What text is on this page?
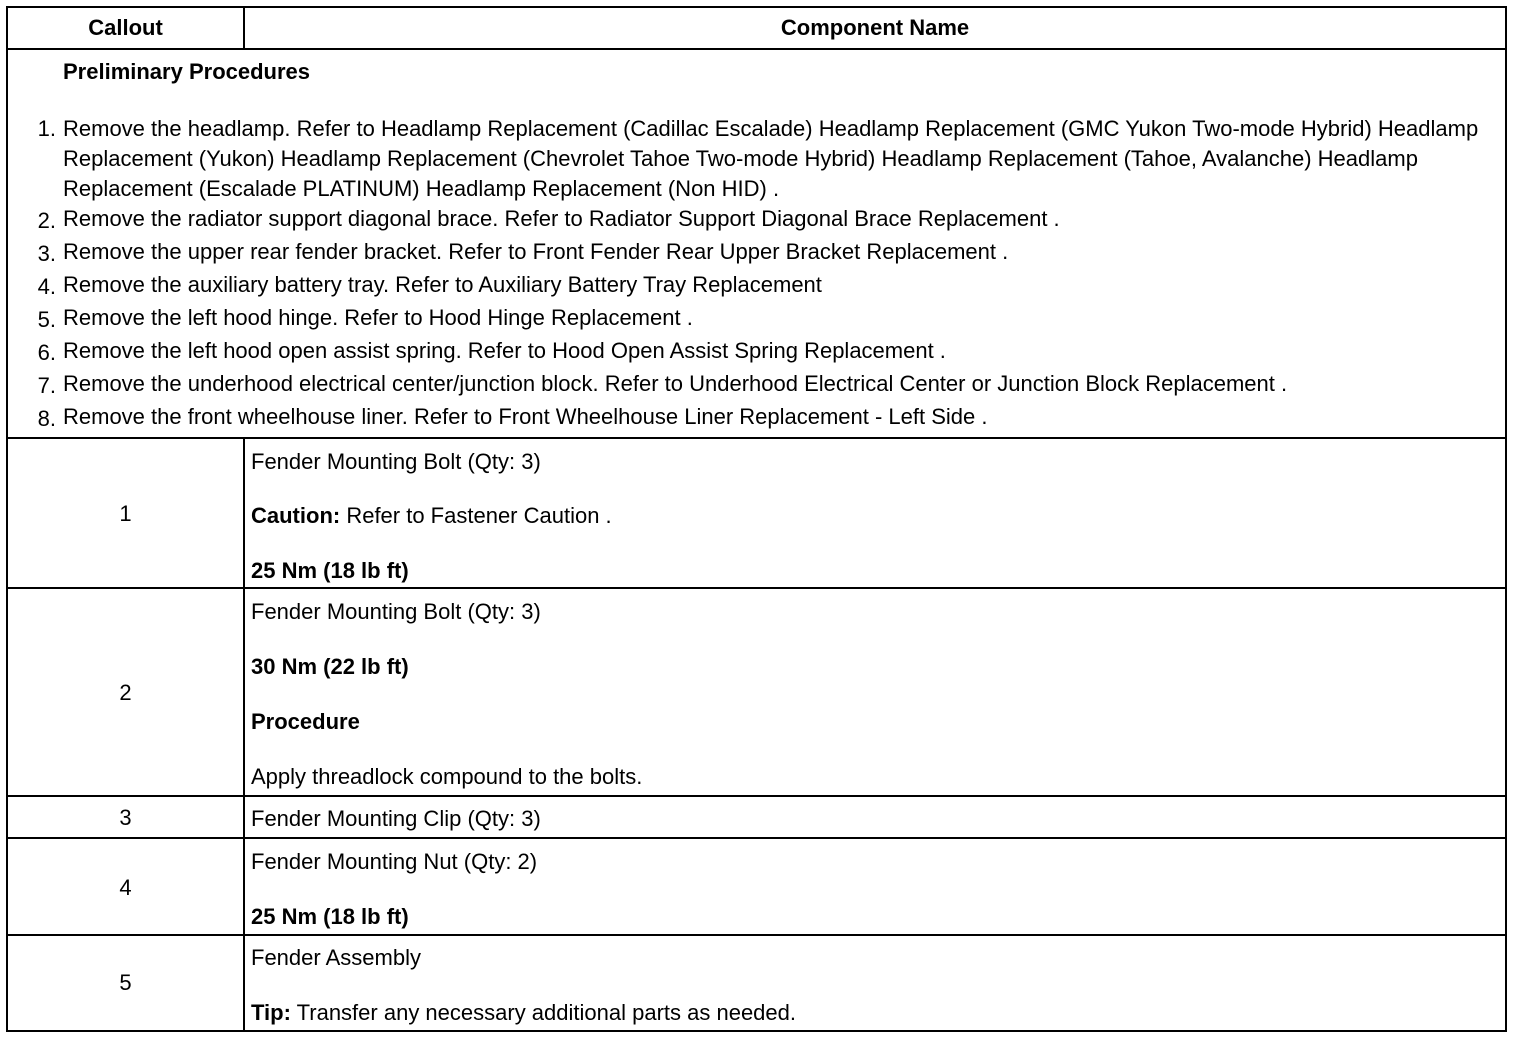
Callout	Component Name
Preliminary Procedures
1. Remove the headlamp. Refer to Headlamp Replacement (Cadillac Escalade) Headlamp Replacement (GMC Yukon Two-mode Hybrid) Headlamp Replacement (Yukon) Headlamp Replacement (Chevrolet Tahoe Two-mode Hybrid) Headlamp Replacement (Tahoe, Avalanche) Headlamp Replacement (Escalade PLATINUM) Headlamp Replacement (Non HID) .
2. Remove the radiator support diagonal brace. Refer to Radiator Support Diagonal Brace Replacement .
3. Remove the upper rear fender bracket. Refer to Front Fender Rear Upper Bracket Replacement .
4. Remove the auxiliary battery tray. Refer to Auxiliary Battery Tray Replacement
5. Remove the left hood hinge. Refer to Hood Hinge Replacement .
6. Remove the left hood open assist spring. Refer to Hood Open Assist Spring Replacement .
7. Remove the underhood electrical center/junction block. Refer to Underhood Electrical Center or Junction Block Replacement .
8. Remove the front wheelhouse liner. Refer to Front Wheelhouse Liner Replacement - Left Side .
1
Fender Mounting Bolt (Qty: 3)
Caution: Refer to Fastener Caution .
25 Nm (18 lb ft)
2
Fender Mounting Bolt (Qty: 3)
30 Nm (22 lb ft)
Procedure
Apply threadlock compound to the bolts.
3	Fender Mounting Clip (Qty: 3)
4
Fender Mounting Nut (Qty: 2)
25 Nm (18 lb ft)
5
Fender Assembly
Tip: Transfer any necessary additional parts as needed.
